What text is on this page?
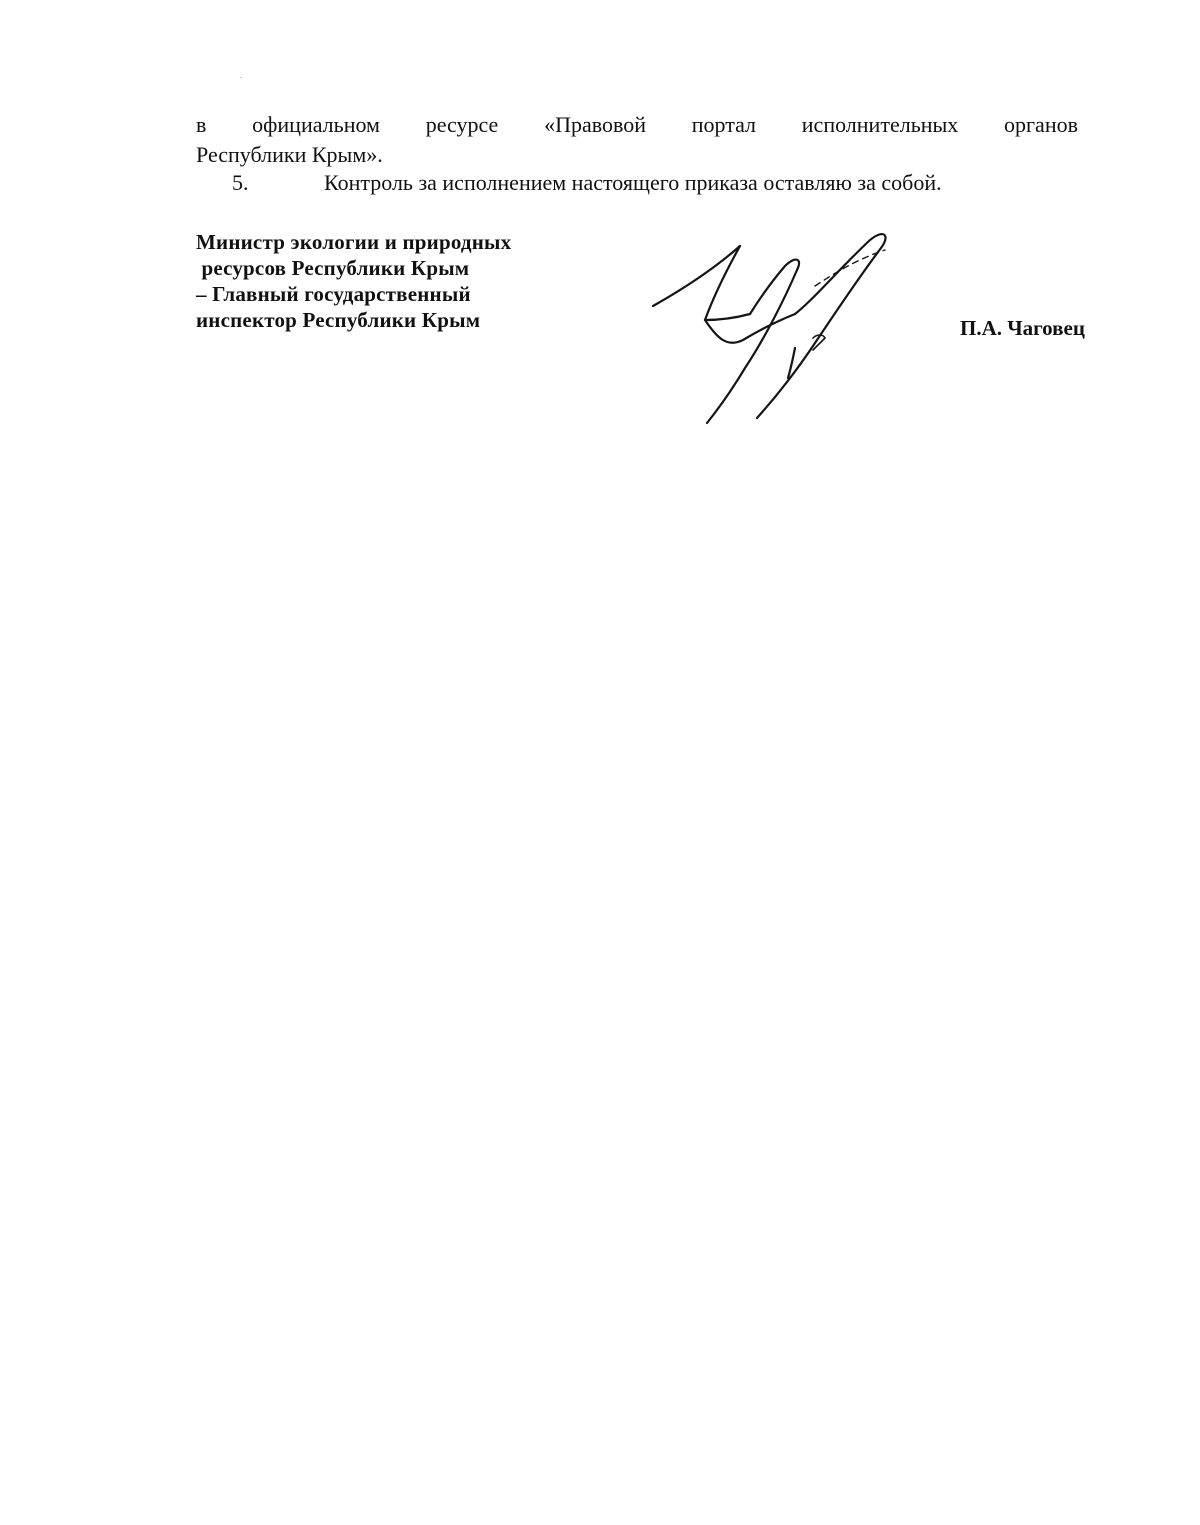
в официальном ресурсе «Правовой портал исполнительных органов
Республики Крым».
5.	Контроль за исполнением настоящего приказа оставляю за собой.
Министр экологии и природных
ресурсов Республики Крым
– Главный государственный
инспектор Республики Крым	П.А. Чаговец
